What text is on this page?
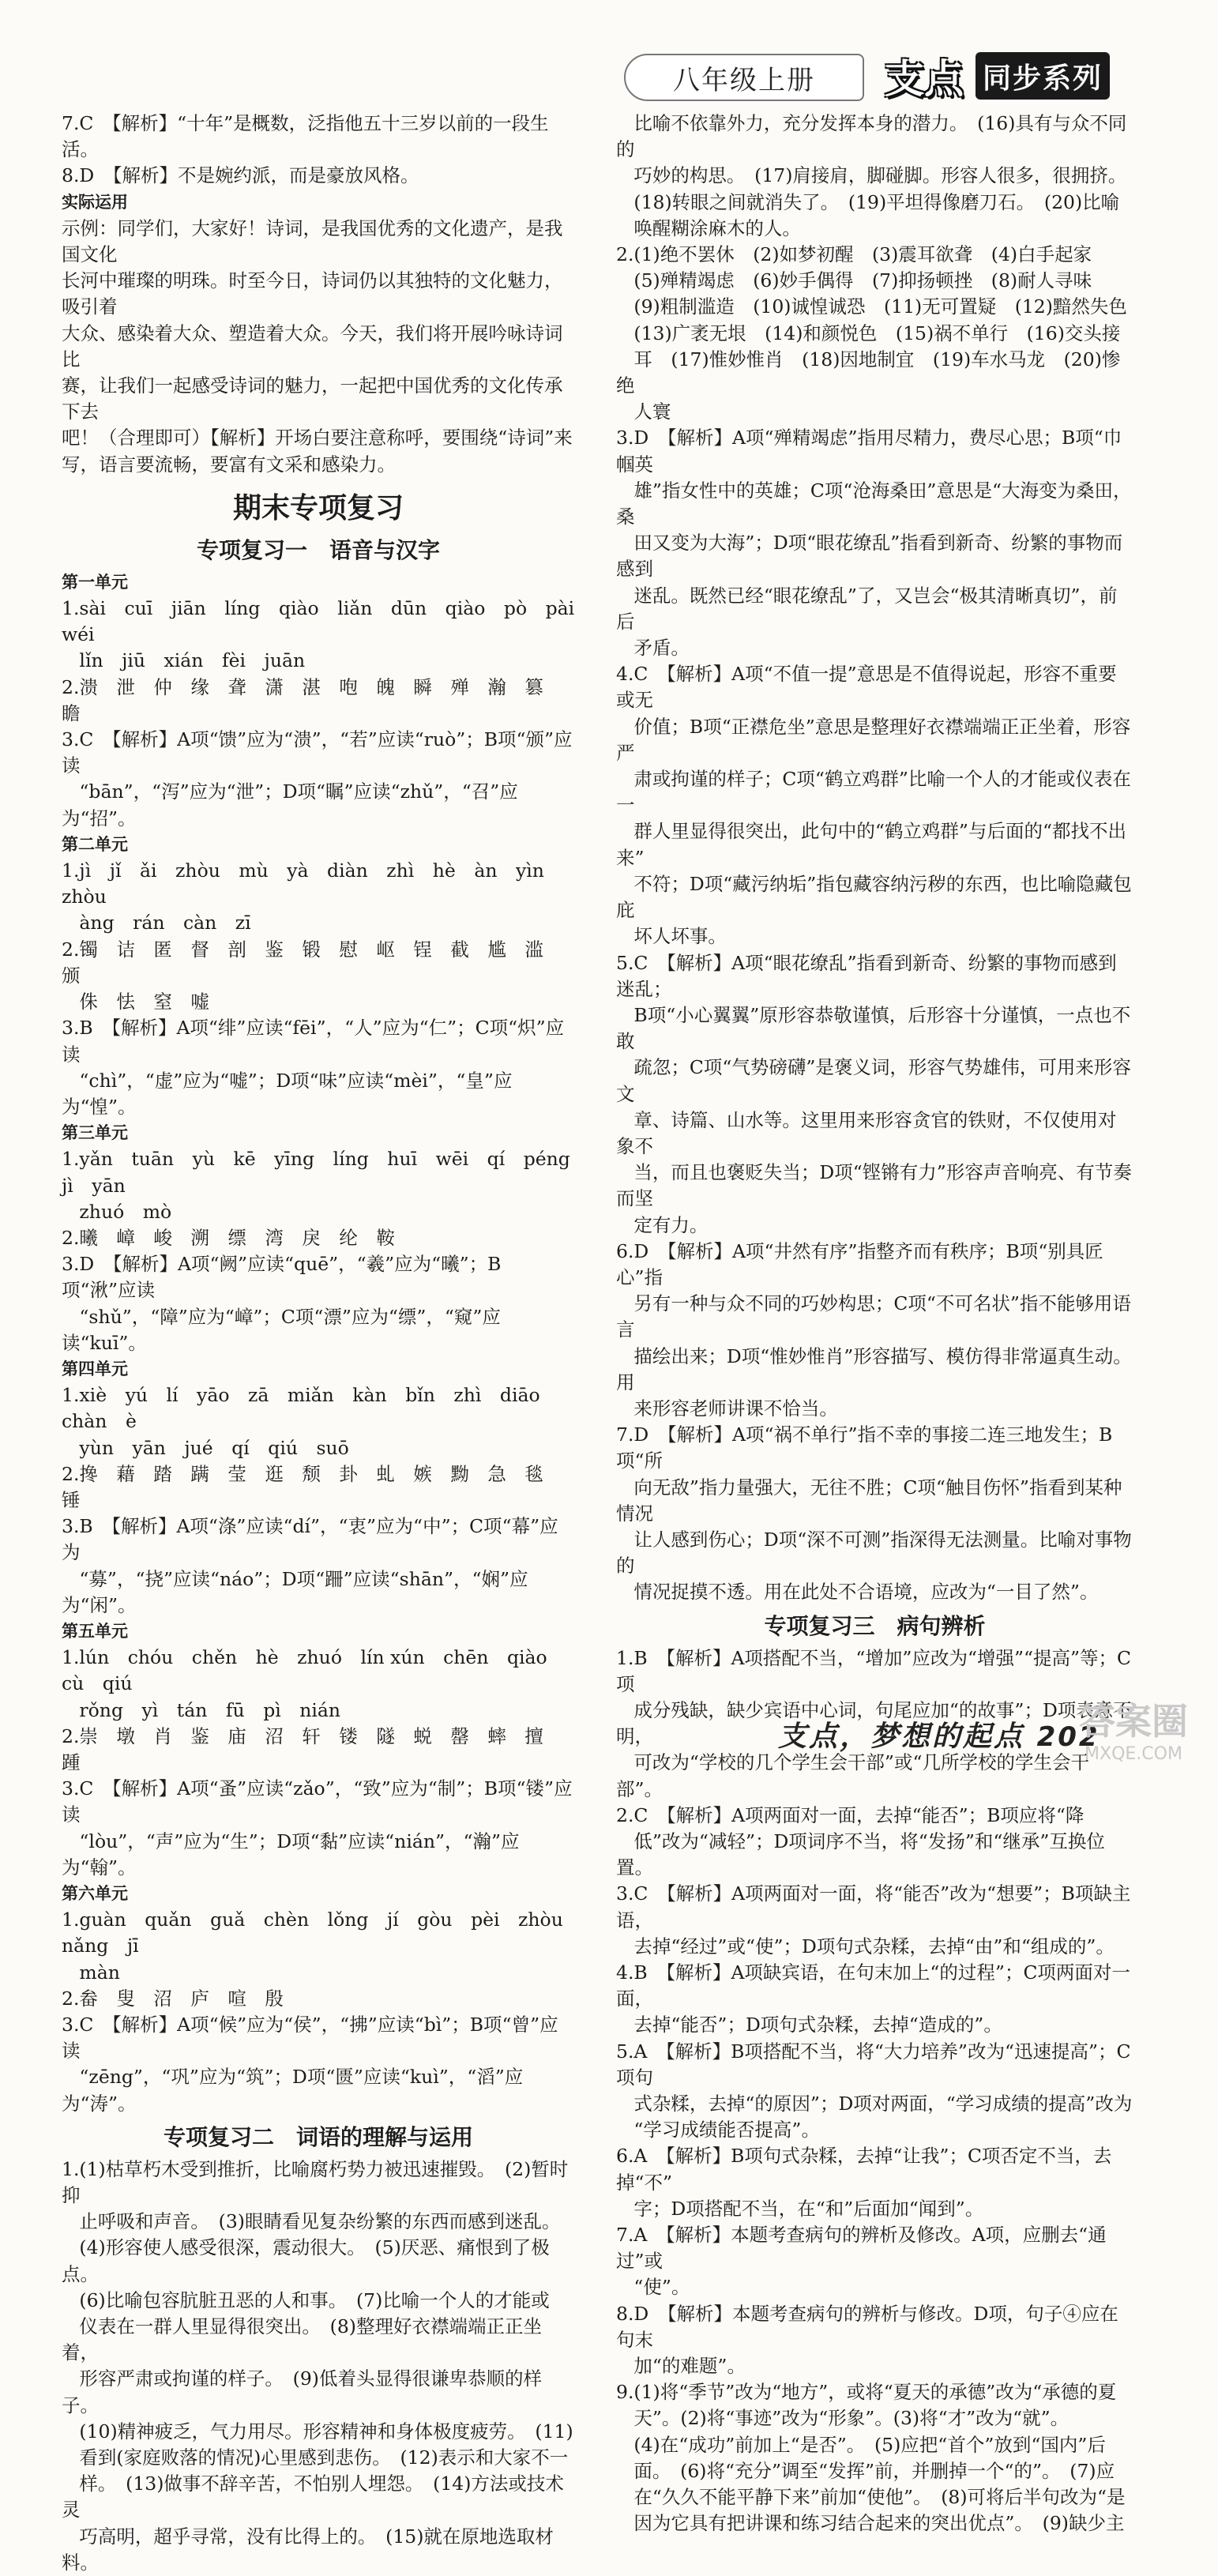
八年级上册	支点 同步系列
7.C　【解析】“十年”是概数，泛指他五十三岁以前的一段生活。
8.D　【解析】不是婉约派，而是豪放风格。
实际运用
示例：同学们，大家好！诗词，是我国优秀的文化遗产，是我国文化
长河中璀璨的明珠。时至今日，诗词仍以其独特的文化魅力，吸引着
大众、感染着大众、塑造着大众。今天，我们将开展吟咏诗词比
赛，让我们一起感受诗词的魅力，一起把中国优秀的文化传承下去
吧！（合理即可）【解析】开场白要注意称呼，要围绕“诗词”来
写，语言要流畅，要富有文采和感染力。
期末专项复习
专项复习一　语音与汉字
第一单元
1.sài　cuī　jiān　líng　qiào　liǎn　dūn　qiào　pò　pài　wéi
lǐn　jiū　xián　fèi　juān
2.溃　泄　仲　缘　聋　潇　湛　咆　魄　瞬　殚　瀚　篡　瞻
3.C　【解析】A项“馈”应为“溃”，“若”应读“ruò”；B项“颁”应读
“bān”，“泻”应为“泄”；D项“瞩”应读“zhǔ”，“召”应为“招”。
第二单元
1.jì　jǐ　ǎi　zhòu　mù　yà　diàn　zhì　hè　àn　yìn　zhòu
àng　rán　càn　zī
2.镯　诘　匿　督　剖　鉴　锻　慰　岖　锃　截　尴　滥　颁
侏　怯　窒　嘘
3.B　【解析】A项“绯”应读“fēi”，“人”应为“仁”；C项“炽”应读
“chì”，“虚”应为“嘘”；D项“味”应读“mèi”，“皇”应为“惶”。
第三单元
1.yǎn　tuān　yù　kē　yīng　líng　huī　wēi　qí　péng　jì　yān
zhuó　mò
2.曦　嶂　峻　溯　缥　湾　戾　纶　鞍
3.D　【解析】A项“阙”应读“quē”，“羲”应为“曦”；B项“湫”应读
“shǔ”，“障”应为“嶂”；C项“漂”应为“缥”，“窥”应读“kuī”。
第四单元
1.xiè　yú　lí　yāo　zā　miǎn　kàn　bǐn　zhì　diāo　chàn　è
yùn　yān　jué　qí　qiú　suō
2.搀　藉　踏　蹒　莹　逛　颓　卦　虬　嫉　黝　急　毯　锤
3.B　【解析】A项“涤”应读“dí”，“衷”应为“中”；C项“幕”应为
“募”，“挠”应读“náo”；D项“跚”应读“shān”，“娴”应为“闲”。
第五单元
1.lún　chóu　chěn　hè　zhuó　lín xún　chēn　qiào　cù　qiú
rǒng　yì　tán　fū　pì　nián
2.崇　墩　肖　鉴　庙　沼　轩　镂　隧　蜕　罄　蟀　擅　踵
3.C　【解析】A项“蚤”应读“zǎo”，“致”应为“制”；B项“镂”应读
“lòu”，“声”应为“生”；D项“黏”应读“nián”，“瀚”应为“翰”。
第六单元
1.guàn　quǎn　guǎ　chèn　lǒng　jí　gòu　pèi　zhòu　nǎng　jī
màn
2.畚　叟　沼　庐　喧　殷
3.C　【解析】A项“候”应为“侯”，“拂”应读“bì”；B项“曾”应读
“zēng”，“巩”应为“筑”；D项“匮”应读“kuì”，“滔”应为“涛”。
专项复习二　词语的理解与运用
1.(1)枯草朽木受到推折，比喻腐朽势力被迅速摧毁。　(2)暂时抑
止呼吸和声音。　(3)眼睛看见复杂纷繁的东西而感到迷乱。
(4)形容使人感受很深，震动很大。　(5)厌恶、痛恨到了极点。
(6)比喻包容肮脏丑恶的人和事。　(7)比喻一个人的才能或
仪表在一群人里显得很突出。　(8)整理好衣襟端端正正坐着，
形容严肃或拘谨的样子。　(9)低着头显得很谦卑恭顺的样子。
(10)精神疲乏，气力用尽。形容精神和身体极度疲劳。　(11)
看到(家庭败落的情况)心里感到悲伤。　(12)表示和大家不一
样。　(13)做事不辞辛苦，不怕别人埋怨。　(14)方法或技术灵
巧高明，超乎寻常，没有比得上的。　(15)就在原地选取材料。
比喻不依靠外力，充分发挥本身的潜力。　(16)具有与众不同的
巧妙的构思。　(17)肩接肩，脚碰脚。形容人很多，很拥挤。
(18)转眼之间就消失了。　(19)平坦得像磨刀石。　(20)比喻
唤醒糊涂麻木的人。
2.(1)绝不罢休　(2)如梦初醒　(3)震耳欲聋　(4)白手起家
(5)殚精竭虑　(6)妙手偶得　(7)抑扬顿挫　(8)耐人寻味
(9)粗制滥造　(10)诚惶诚恐　(11)无可置疑　(12)黯然失色
(13)广袤无垠　(14)和颜悦色　(15)祸不单行　(16)交头接
耳　(17)惟妙惟肖　(18)因地制宜　(19)车水马龙　(20)惨绝
人寰
3.D　【解析】A项“殚精竭虑”指用尽精力，费尽心思；B项“巾帼英
雄”指女性中的英雄；C项“沧海桑田”意思是“大海变为桑田，桑
田又变为大海”；D项“眼花缭乱”指看到新奇、纷繁的事物而感到
迷乱。既然已经“眼花缭乱”了，又岂会“极其清晰真切”，前后
矛盾。
4.C　【解析】A项“不值一提”意思是不值得说起，形容不重要或无
价值；B项“正襟危坐”意思是整理好衣襟端端正正坐着，形容严
肃或拘谨的样子；C项“鹤立鸡群”比喻一个人的才能或仪表在一
群人里显得很突出，此句中的“鹤立鸡群”与后面的“都找不出来”
不符；D项“藏污纳垢”指包藏容纳污秽的东西，也比喻隐藏包庇
坏人坏事。
5.C　【解析】A项“眼花缭乱”指看到新奇、纷繁的事物而感到迷乱；
B项“小心翼翼”原形容恭敬谨慎，后形容十分谨慎，一点也不敢
疏忽；C项“气势磅礴”是褒义词，形容气势雄伟，可用来形容文
章、诗篇、山水等。这里用来形容贪官的铁财，不仅使用对象不
当，而且也褒贬失当；D项“铿锵有力”形容声音响亮、有节奏而坚
定有力。
6.D　【解析】A项“井然有序”指整齐而有秩序；B项“别具匠心”指
另有一种与众不同的巧妙构思；C项“不可名状”指不能够用语言
描绘出来；D项“惟妙惟肖”形容描写、模仿得非常逼真生动。用
来形容老师讲课不恰当。
7.D　【解析】A项“祸不单行”指不幸的事接二连三地发生；B项“所
向无敌”指力量强大，无往不胜；C项“触目伤怀”指看到某种情况
让人感到伤心；D项“深不可测”指深得无法测量。比喻对事物的
情况捉摸不透。用在此处不合语境，应改为“一目了然”。
专项复习三　病句辨析
1.B　【解析】A项搭配不当，“增加”应改为“增强”“提高”等；C项
成分残缺，缺少宾语中心词，句尾应加“的故事”；D项表意不明，
可改为“学校的几个学生会干部”或“几所学校的学生会干部”。
2.C　【解析】A项两面对一面，去掉“能否”；B项应将“降
低”改为“减轻”；D项词序不当，将“发扬”和“继承”互换位置。
3.C　【解析】A项两面对一面，将“能否”改为“想要”；B项缺主语，
去掉“经过”或“使”；D项句式杂糅，去掉“由”和“组成的”。
4.B　【解析】A项缺宾语，在句末加上“的过程”；C项两面对一面，
去掉“能否”；D项句式杂糅，去掉“造成的”。
5.A　【解析】B项搭配不当，将“大力培养”改为“迅速提高”；C项句
式杂糅，去掉“的原因”；D项对两面，“学习成绩的提高”改为
“学习成绩能否提高”。
6.A　【解析】B项句式杂糅，去掉“让我”；C项否定不当，去掉“不”
字；D项搭配不当，在“和”后面加“闻到”。
7.A　【解析】本题考查病句的辨析及修改。A项，应删去“通过”或
“使”。
8.D　【解析】本题考查病句的辨析与修改。D项，句子④应在句末
加“的难题”。
9.(1)将“季节”改为“地方”，或将“夏天的承德”改为“承德的夏
天”。(2)将“事迹”改为“形象”。(3)将“才”改为“就”。
(4)在“成功”前加上“是否”。　(5)应把“首个”放到“国内”后
面。　(6)将“充分”调至“发挥”前，并删掉一个“的”。　(7)应
在“久久不能平静下来”前加“使他”。　(8)可将后半句改为“是
因为它具有把讲课和练习结合起来的突出优点”。　(9)缺少主
支点，梦想的起点 202
答案圈
MXQE.COM
